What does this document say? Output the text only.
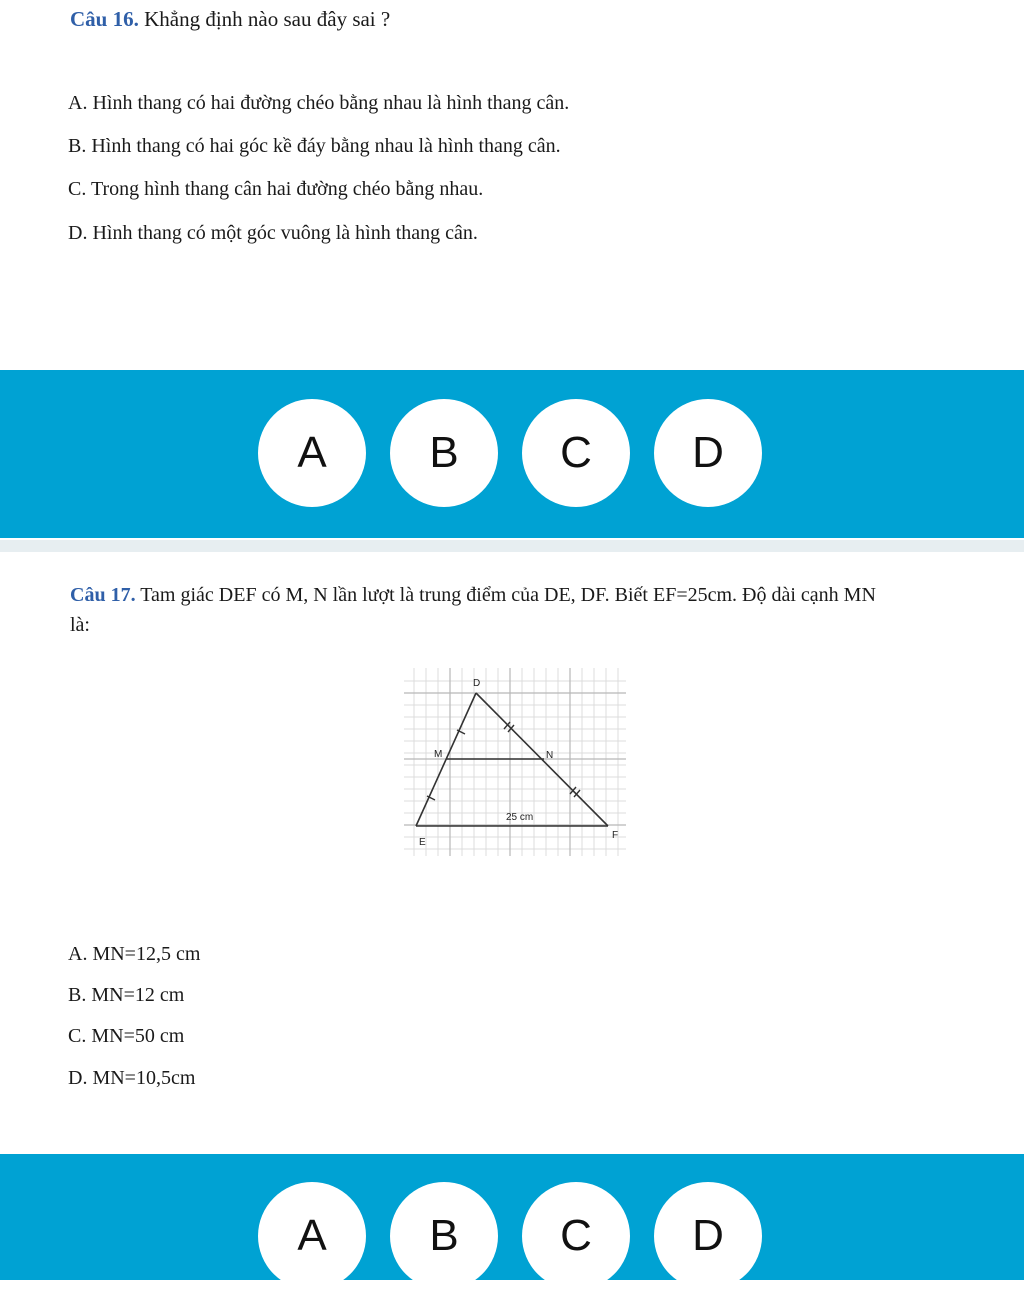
Câu 16. Khẳng định nào sau đây sai ?
A. Hình thang có hai đường chéo bằng nhau là hình thang cân.
B. Hình thang có hai góc kề đáy bằng nhau là hình thang cân.
C. Trong hình thang cân hai đường chéo bằng nhau.
D. Hình thang có một góc vuông là hình thang cân.
A	B	C	D
Câu 17. Tam giác DEF có M, N lần lượt là trung điểm của DE, DF. Biết EF=25cm. Độ dài cạnh MN
là:
D
M	N
E
F
25 cm
A. MN=12,5 cm
B. MN=12 cm
C. MN=50 cm
D. MN=10,5cm
A	B	C	D
